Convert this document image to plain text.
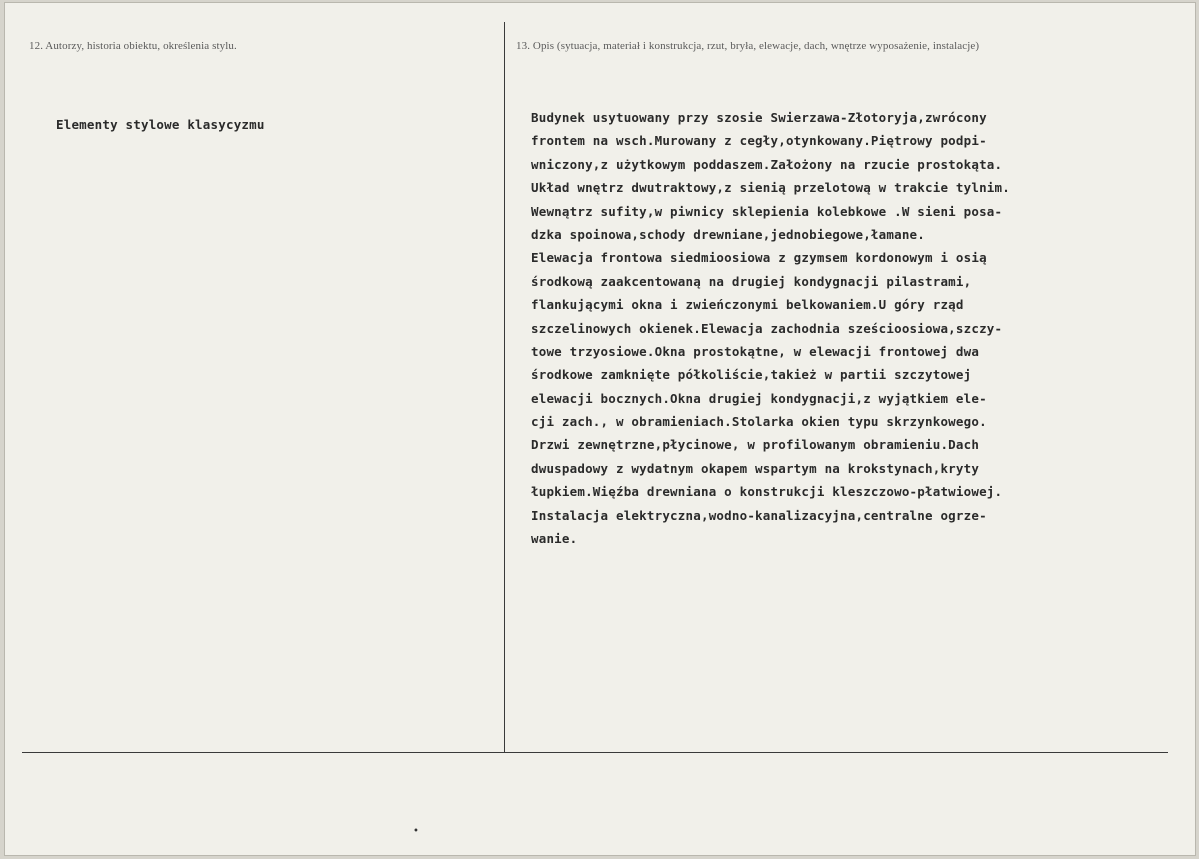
12. Autorzy, historia obiektu, określenia stylu.	13. Opis (sytuacja, materiał i konstrukcja, rzut, bryła, elewacje, dach, wnętrze wyposażenie, instalacje)
Elementy stylowe klasycyzmu	Budynek usytuowany przy szosie Swierzawa-Złotoryja,zwrócony
frontem na wsch.Murowany z cegły,otynkowany.Piętrowy podpi-
wniczony,z użytkowym poddaszem.Założony na rzucie prostokąta.
Układ wnętrz dwutraktowy,z sienią przelotową w trakcie tylnim.
Wewnątrz sufity,w piwnicy sklepienia kolebkowe .W sieni posa-
dzka spoinowa,schody drewniane,jednobiegowe,łamane.
Elewacja frontowa siedmioosiowa z gzymsem kordonowym i osią
środkową zaakcentowaną na drugiej kondygnacji pilastrami,
flankującymi okna i zwieńczonymi belkowaniem.U góry rząd
szczelinowych okienek.Elewacja zachodnia sześcioosiowa,szczy-
towe trzyosiowe.Okna prostokątne, w elewacji frontowej dwa
środkowe zamknięte półkoliście,takież w partii szczytowej
elewacji bocznych.Okna drugiej kondygnacji,z wyjątkiem ele-
cji zach., w obramieniach.Stolarka okien typu skrzynkowego.
Drzwi zewnętrzne,płycinowe, w profilowanym obramieniu.Dach
dwuspadowy z wydatnym okapem wspartym na krokstynach,kryty
łupkiem.Więźba drewniana o konstrukcji kleszczowo-płatwiowej.
Instalacja elektryczna,wodno-kanalizacyjna,centralne ogrze-
wanie.
•
